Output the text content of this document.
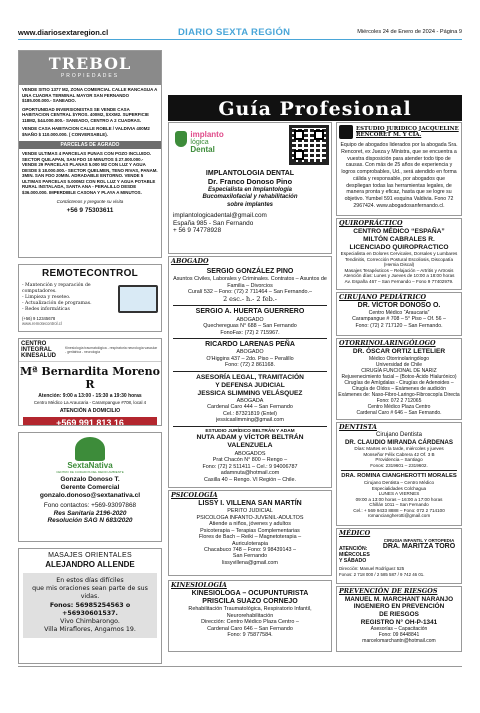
www.diariosextaregion.cl	DIARIO SEXTA REGIÓN	Miércoles 24 de Enero de 2024 - Página 9
TREBOL
PROPIEDADES

VENDE SITIO 1377 M2, ZONA COMERCIAL CALLE RANCAGUA A UNA CUADRA TERMINAL MAYOR SAN FERNANDO $185.000.000.- SANEADO.

OPORTUNIDAD INVERSIONISTAS SE VENDE CASA HABITACION CENTRAL $YROS. 400M2, $XXM2. SUPERFICIE 118M2, $44.000.000.- SANEADO, CENTRO A 2 CUADRAS.

VENDE CASA HABITACION CALLE ROBLE / VALDIVIA 400M2 $NAÑO $ 110.000.000. ( CONVERSABLE).

PARCELAS DE AGRADO

VENDE ULTIMAS 4 PARCELAS PUNAS CON POZO INCLUIDO. SECTOR QUILAPAN, SAN FDO 10 MINUTOS $ 27.000.000.- VENDE 29 PARCELAS PLANAS 5.000 M2 CON LUZ Y AGUA DESDE $ 18.000.000.- SECTOR QUELMEN, TENO RIVAS, PANAM. 3MIN. SAN FDO 20MIN. ADRADABLE ENTORNO. VENDE 5 ULTIMAS PARCELAS 5.000M2 CON ROL LUZ Y AGUA POTABLE RURAL INSTALADA, SANTA ANA - PERALILLO DESDE $36.000.000. IMPERDIBLE CASONA Y PLAYA A MINUTOS.

Contáctenos y pregunte su visita

+56 9 75303611

REMOTECONTROL

- Mantención y reparación de computadores.

- Limpieza y reseteo.

- Actualización de programas.

- Redes informáticas

(+56) 9 12345678

www.remotecontrol.cl

CENTRO INTEGRAL KINESALUD
Kinesiología traumatológica - respiratoria neurología vascular - geriátrica - neurología

Mª Bernardita Moreno R

Atención: 9:00 a 13:00 - 15:30 a 19:30 horas

Centro Médico La Araucaria - Carampangue #708, local 4

ATENCIÓN A DOMICILIO

+569 991 813 16
SextaNativa
CENTRO DE CUIDADOS DEL MEDIO AMBIENTE

Gonzalo Donoso T.

Gerente Comercial

gonzalo.donoso@sextanativa.cl

Fono contactos: +569-93097868

Res Sanitaria 2196-2020

Resolución SAG N 683/2020

MASAJES ORIENTALES

ALEJANDRO ALLENDE

En estos días difíciles

que mis oraciones sean parte de sus vidas.

Fonos: 56985254563 o +56930601537.

Vivo Chimbarongo.

Villa Miraflores, Angamos 19.

Guía Profesional

implanto
lógica
Dental

IMPLANTOLOGIA DENTAL

Dr. Franco Donoso Pino

Especialista en Implantología

Bucomaxilofacial y rehabilitación

sobre implantes

implantologicadental@gmail.com

España 985 - San Fernando

+ 56 9 74778928

ABOGADO

SERGIO GONZÁLEZ PINO

Asuntos Civiles, Laborales y Criminales. Contratos – Asuntos de Familia – Divorcios

Curalí 532 – Fono: (72) 2 711464 – San Fernando.–

2 esc.- h.- 2 feb.-

SERGIO A. HUERTA GUERRERO

ABOGADO

Quechereguas N° 688 – San Fernando

FonoFax: (72) 2 715967.

RICARDO LARENAS PEÑA

ABOGADO

O'Higgins 437 – 2do. Piso – Peralillo

Fono: (72) 2 861168.

ASESORÍA LEGAL, TRAMITACIÓN

Y DEFENSA JUDICIAL

JESSICA SLIMMING VELÁSQUEZ

ABOGADA

Cardenal Caro 444 – San Fernando

Cel.: 87321819 (Entel)

jessicaslimming@gmail.com

ESTUDIO JURÍDICO BELTRÁN Y ADAM

NUTA ADAM y VÍCTOR BELTRÁN

VALENZUELA

ABOGADOS

Prat Chacón N° 800 – Rengo –

Fono: (72) 2 511411 – Cel.: 9 94006787

adamnuta@hotmail.com

Casilla 40 – Rengo. VI Región – Chile.

PSICOLOGÍA

LISSY I. VILLENA SAN MARTÍN

PERITO JUDICIAL

PSICOLOGA INFANTO-JUVENIL-ADULTOS

Atiende a niños, jóvenes y adultos

Psicoterapia – Terapias Complementarias

Flores de Bach – Reiki – Magnetoterapia –

Auriculoterapia

Chacabuco 748 – Fono: 9 98439143 –

San Fernando

lissyvillena@gmail.com

KINESIOLOGÍA

KINESIOLOGA – OCUPUNTURISTA

PRISCILA SUAZO CORNEJO

Rehabilitación Traumatológica, Respiratorio Infantil,

Neurorehabilitación

Dirección: Centro Médico Plaza Centro –

Cardenal Caro 646 – San Fernando

Fono: 9 75877584.

ESTUDIO JURIDICO JACQUELINE

RENCORET M. Y CÍA.

Equipo de abogados liderados por la abogada Sra. Rencoret, ex Jueza y Ministra, que se encuentra a vuestra disposición para atender todo tipo de causas. Con más de 25 años de experiencia y logros comprobables, Ud., será atendido en forma cálida y responsable, por abogados que despliegan todas las herramientas legales, de manera pronta y eficaz, hasta que se logre su objetivo. Yumbel 591 esquina Valdivia. Fono 72 2967424. www.abogadosanfernando.cl.

QUIROPRÁCTICO

CENTRO MÉDICO “ESPAÑA”

MILTÓN CABRALES R.

LICENCIADO QUIROPRACTICO

Especialista en Dolores Cervicales, Dorsales y Lumbares Tendinitis, Corrección Postural Escoliosis, Discopatía (Hernia Discal)

Masajes Terapéuticos – Relajación – Artritis y Artrosis

Atención días: Lunes y Jueves de 10:00 a 18:00 horas

Av. España 467 – San Fernando – Fono 9 77402979.

CIRUJANO PEDIÁTRICO

DR. VÍCTOR DONOSO O.

Centro Médico “Araucaria”

Carampangue # 708 – 5° Piso – Of. 56 –

Fono: (72) 2 717120 – San Fernando.

OTORRINOLARINGÓLOGO

DR. ÓSCAR ORTIZ LETELIER

Médico Otorrinolaringólogo

Universidad de Chile

CIRUGÍA FUNCIONAL DE NARIZ

Rejuvenecimiento facial – (Botox-Ácido Hialurónico)

Cirugías de Amígdalas - Cirugías de Adenoides –

Cirugía de Oídos – Exámenes de audición

Exámenes de: Naso-Fibro-Laringo-Fibroscopía Directa

Fono: 072 2 712065

Centro Médico Plaza Centro

Cardenal Caro # 646 – San Fernando.

DENTISTA

Cirujano Dentista

DR. CLAUDIO MIRANDA CÁRDENAS

Días: Martes en la tarde, miércoles y jueves

Monseñor Félix Cabrera 42 Of. 3 B

Providencia – Santiago

Fonos: 2319601 – 2319602.

DRA. ROMINA CIANGHEROTTI MORALES

Cirujano Dentista – Centro Médico

Especialidades Colchagua

LUNES A VIERNES

09:00 a 13:00 horas – 16:00 a 17:00 horas

Chillán 1011 – San Fernando

Cel.: + 569 9433 8888 – Fono: 072 2 714100

romanciangherotti@gmail.com

MÉDICO

ATENCIÓN:

MIÉRCOLES

Y SÁBADO

CIRUGIA INFANTIL Y ORTOPEDIA

DRA. MARITZA TORO

Dirección: Manuel Rodríguez 525

Fonos: 2 718 000 / 2 585 587 / 9 742 46 01.

PREVENCIÓN DE RIESGOS

MANUEL M. MARCHANT NARANJO

INGENIERO EN PREVENCIÓN

DE RIESGOS

REGISTRO N° OH-P-1341

Asesorías – Capacitación

Fono: 09 8448841

marcelomarchantn@hotmail.com
